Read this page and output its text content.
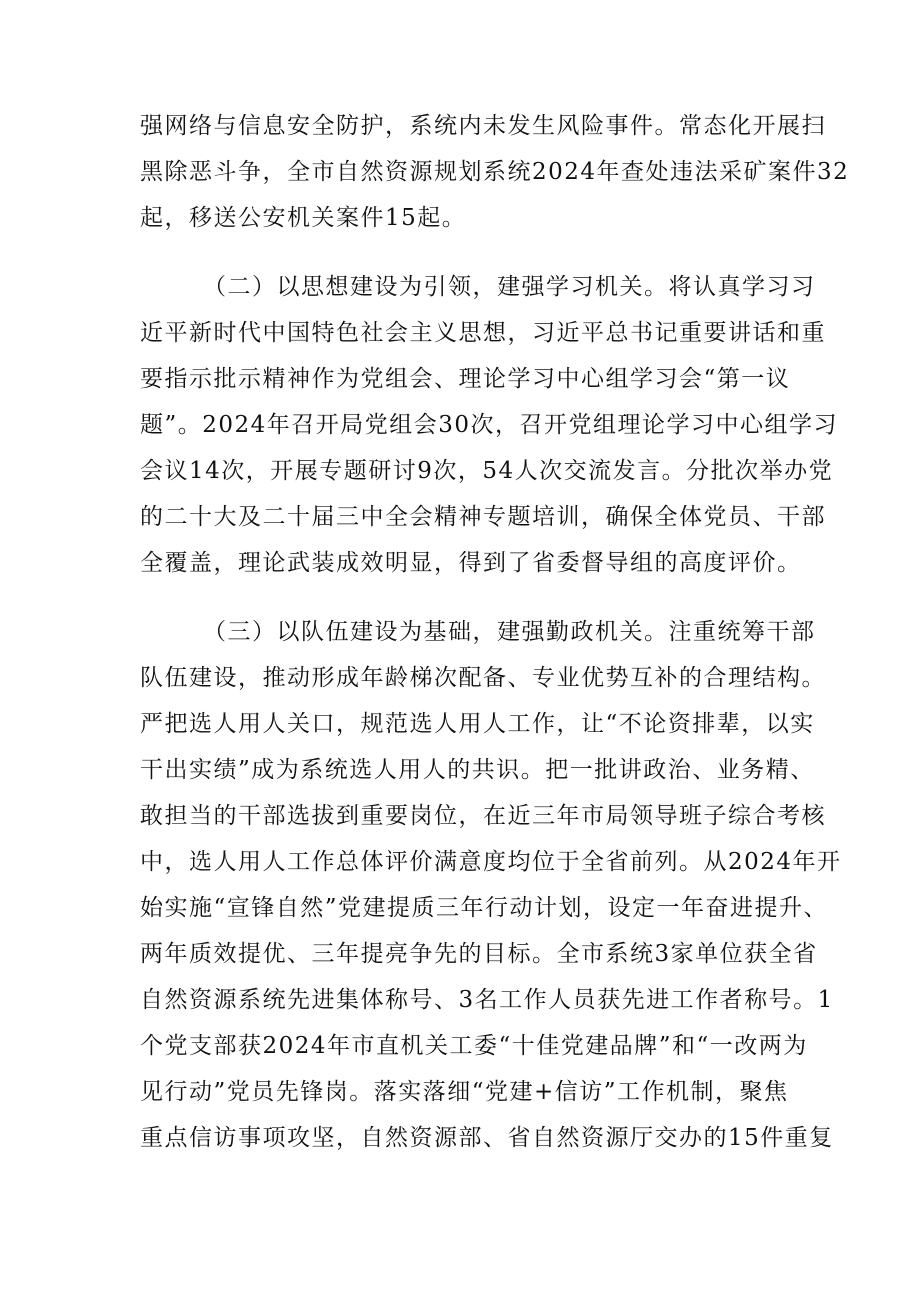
强网络与信息安全防护，系统内未发生风险事件。常态化开展扫
黑除恶斗争，全市自然资源规划系统2024年查处违法采矿案件32
起，移送公安机关案件15起。

（二）以思想建设为引领，建强学习机关。将认真学习习
近平新时代中国特色社会主义思想，习近平总书记重要讲话和重
要指示批示精神作为党组会、理论学习中心组学习会“第一议
题”。2024年召开局党组会30次，召开党组理论学习中心组学习
会议14次，开展专题研讨9次，54人次交流发言。分批次举办党
的二十大及二十届三中全会精神专题培训，确保全体党员、干部
全覆盖，理论武装成效明显，得到了省委督导组的高度评价。

（三）以队伍建设为基础，建强勤政机关。注重统筹干部
队伍建设，推动形成年龄梯次配备、专业优势互补的合理结构。
严把选人用人关口，规范选人用人工作，让“不论资排辈，以实
干出实绩”成为系统选人用人的共识。把一批讲政治、业务精、
敢担当的干部选拔到重要岗位，在近三年市局领导班子综合考核
中，选人用人工作总体评价满意度均位于全省前列。从2024年开
始实施“宣锋自然”党建提质三年行动计划，设定一年奋进提升、
两年质效提优、三年提亮争先的目标。全市系统3家单位获全省
自然资源系统先进集体称号、3名工作人员获先进工作者称号。1
个党支部获2024年市直机关工委“十佳党建品牌”和“一改两为
见行动”党员先锋岗。落实落细“党建+信访”工作机制，聚焦
重点信访事项攻坚，自然资源部、省自然资源厅交办的15件重复
